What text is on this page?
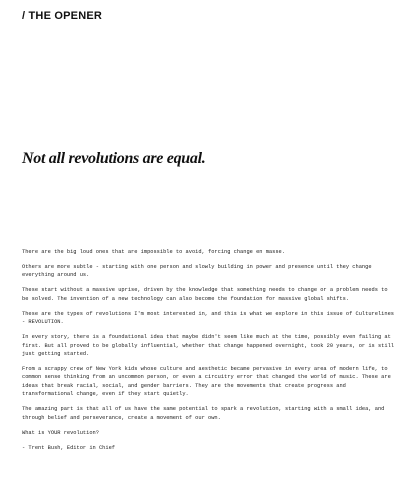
/ THE OPENER
Not all revolutions are equal.

There are the big loud ones that are impossible to avoid, forcing change en masse.

Others are more subtle - starting with one person and slowly building in power and presence until they change everything around us.

These start without a massive uprise, driven by the knowledge that something needs to change or a problem needs to be solved. The invention of a new technology can also become the foundation for massive global shifts.

These are the types of revolutions I'm most interested in, and this is what we explore in this issue of Culturelines - REVOLUTION.

In every story, there is a foundational idea that maybe didn't seem like much at the time, possibly even failing at first. But all proved to be globally influential, whether that change happened overnight, took 20 years, or is still just getting started.

From a scrappy crew of New York kids whose culture and aesthetic became pervasive in every area of modern life, to common sense thinking from an uncommon person, or even a circuitry error that changed the world of music. These are ideas that break racial, social, and gender barriers. They are the movements that create progress and transformational change, even if they start quietly.

The amazing part is that all of us have the same potential to spark a revolution, starting with a small idea, and through belief and perseverance, create a movement of our own.

What is YOUR revolution?

- Trent Bush, Editor in Chief
